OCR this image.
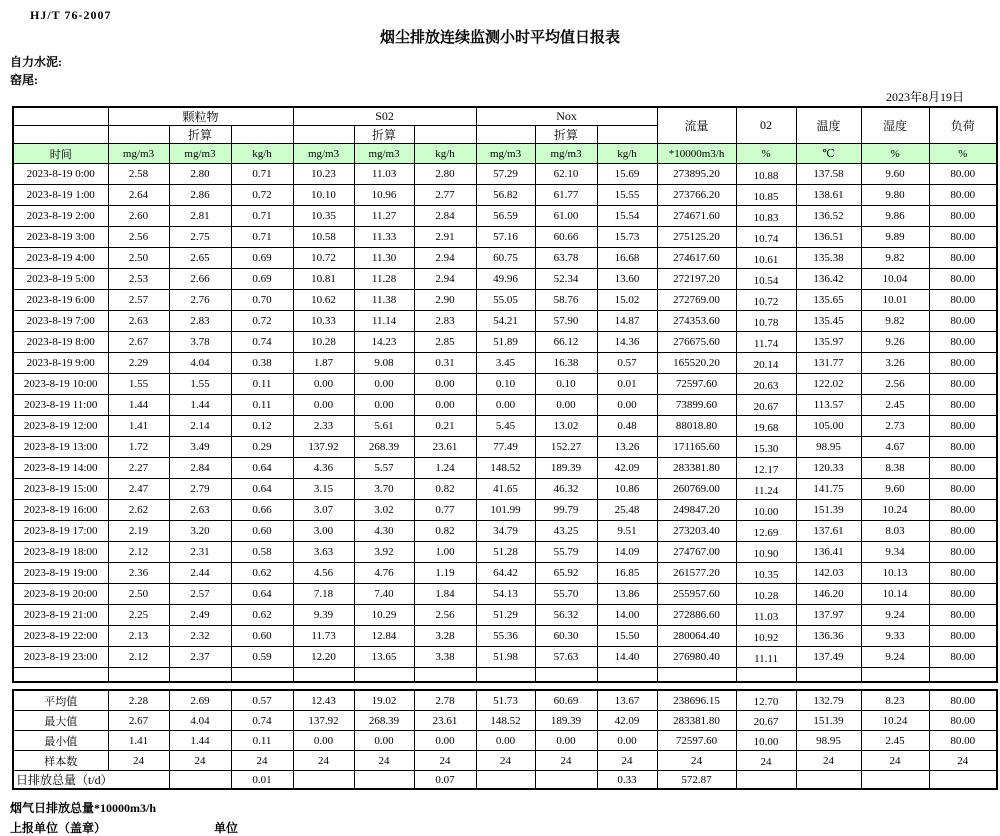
HJ/T 76-2007
烟尘排放连续监测小时平均值日报表
自力水泥:
窑尾:
2023年8月19日
	颗粒物			S02			Nox			流量	02	温度	湿度	负荷
		折算			折算			折算						
时间	mg/m3	mg/m3	kg/h	mg/m3	mg/m3	kg/h	mg/m3	mg/m3	kg/h	*10000m3/h	%	℃	%	%
2023-8-19 0:00	2.58	2.80	0.71	10.23	11.03	2.80	57.29	62.10	15.69	273895.20	10.88	137.58	9.60	80.00
2023-8-19 1:00	2.64	2.86	0.72	10.10	10.96	2.77	56.82	61.77	15.55	273766.20	10.85	138.61	9.80	80.00
2023-8-19 2:00	2.60	2.81	0.71	10.35	11.27	2.84	56.59	61.00	15.54	274671.60	10.83	136.52	9.86	80.00
2023-8-19 3:00	2.56	2.75	0.71	10.58	11.33	2.91	57.16	60.66	15.73	275125.20	10.74	136.51	9.89	80.00
2023-8-19 4:00	2.50	2.65	0.69	10.72	11.30	2.94	60.75	63.78	16.68	274617.60	10.61	135.38	9.82	80.00
2023-8-19 5:00	2.53	2.66	0.69	10.81	11.28	2.94	49.96	52.34	13.60	272197.20	10.54	136.42	10.04	80.00
2023-8-19 6:00	2.57	2.76	0.70	10.62	11.38	2.90	55.05	58.76	15.02	272769.00	10.72	135.65	10.01	80.00
2023-8-19 7:00	2.63	2.83	0.72	10.33	11.14	2.83	54.21	57.90	14.87	274353.60	10.78	135.45	9.82	80.00
2023-8-19 8:00	2.67	3.78	0.74	10.28	14.23	2.85	51.89	66.12	14.36	276675.60	11.74	135.97	9.26	80.00
2023-8-19 9:00	2.29	4.04	0.38	1.87	9.08	0.31	3.45	16.38	0.57	165520.20	20.14	131.77	3.26	80.00
2023-8-19 10:00	1.55	1.55	0.11	0.00	0.00	0.00	0.10	0.10	0.01	72597.60	20.63	122.02	2.56	80.00
2023-8-19 11:00	1.44	1.44	0.11	0.00	0.00	0.00	0.00	0.00	0.00	73899.60	20.67	113.57	2.45	80.00
2023-8-19 12:00	1.41	2.14	0.12	2.33	5.61	0.21	5.45	13.02	0.48	88018.80	19.68	105.00	2.73	80.00
2023-8-19 13:00	1.72	3.49	0.29	137.92	268.39	23.61	77.49	152.27	13.26	171165.60	15.30	98.95	4.67	80.00
2023-8-19 14:00	2.27	2.84	0.64	4.36	5.57	1.24	148.52	189.39	42.09	283381.80	12.17	120.33	8.38	80.00
2023-8-19 15:00	2.47	2.79	0.64	3.15	3.70	0.82	41.65	46.32	10.86	260769.00	11.24	141.75	9.60	80.00
2023-8-19 16:00	2.62	2.63	0.66	3.07	3.02	0.77	101.99	99.79	25.48	249847.20	10.00	151.39	10.24	80.00
2023-8-19 17:00	2.19	3.20	0.60	3.00	4.30	0.82	34.79	43.25	9.51	273203.40	12.69	137.61	8.03	80.00
2023-8-19 18:00	2.12	2.31	0.58	3.63	3.92	1.00	51.28	55.79	14.09	274767.00	10.90	136.41	9.34	80.00
2023-8-19 19:00	2.36	2.44	0.62	4.56	4.76	1.19	64.42	65.92	16.85	261577.20	10.35	142.03	10.13	80.00
2023-8-19 20:00	2.50	2.57	0.64	7.18	7.40	1.84	54.13	55.70	13.86	255957.60	10.28	146.20	10.14	80.00
2023-8-19 21:00	2.25	2.49	0.62	9.39	10.29	2.56	51.29	56.32	14.00	272886.60	11.03	137.97	9.24	80.00
2023-8-19 22:00	2.13	2.32	0.60	11.73	12.84	3.28	55.36	60.30	15.50	280064.40	10.92	136.36	9.33	80.00
2023-8-19 23:00	2.12	2.37	0.59	12.20	13.65	3.38	51.98	57.63	14.40	276980.40	11.11	137.49	9.24	80.00

平均值	2.28	2.69	0.57	12.43	19.02	2.78	51.73	60.69	13.67	238696.15	12.70	132.79	8.23	80.00
最大值	2.67	4.04	0.74	137.92	268.39	23.61	148.52	189.39	42.09	283381.80	20.67	151.39	10.24	80.00
最小值	1.41	1.44	0.11	0.00	0.00	0.00	0.00	0.00	0.00	72597.60	10.00	98.95	2.45	80.00
样本数	24	24	24	24	24	24	24	24	24	24	24	24	24	24
日排放总量（t/d）			0.01			0.07			0.33	572.87				
烟气日排放总量*10000m3/h
上报单位（盖章）	单位
